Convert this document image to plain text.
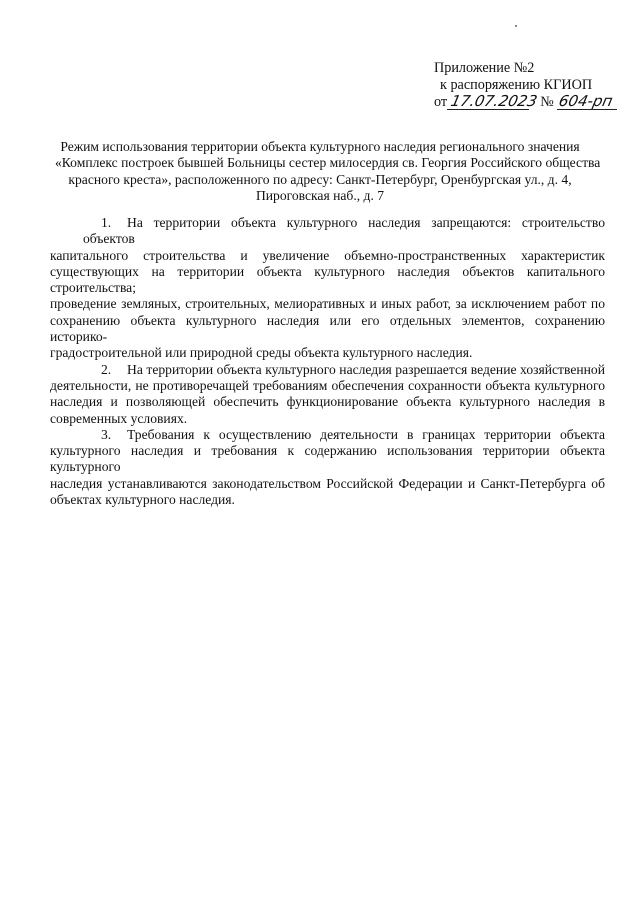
Приложение №2
к распоряжению КГИОП
от 17.07.2023 № 604-рп
Режим использования территории объекта культурного наследия регионального значения
«Комплекс построек бывшей Больницы сестер милосердия св. Георгия Российского общества
красного креста», расположенного по адресу: Санкт-Петербург, Оренбургская ул., д. 4,
Пироговская наб., д. 7

1. На территории объекта культурного наследия запрещаются: строительство объектов

капитального строительства и увеличение объемно-пространственных характеристик

существующих на территории объекта культурного наследия объектов капитального строительства;

проведение земляных, строительных, мелиоративных и иных работ, за исключением работ по

сохранению объекта культурного наследия или его отдельных элементов, сохранению историко-

градостроительной или природной среды объекта культурного наследия.

2. На территории объекта культурного наследия разрешается ведение хозяйственной

деятельности, не противоречащей требованиям обеспечения сохранности объекта культурного

наследия и позволяющей обеспечить функционирование объекта культурного наследия в

современных условиях.

3. Требования к осуществлению деятельности в границах территории объекта

культурного наследия и требования к содержанию использования территории объекта культурного

наследия устанавливаются законодательством Российской Федерации и Санкт-Петербурга об

объектах культурного наследия.
